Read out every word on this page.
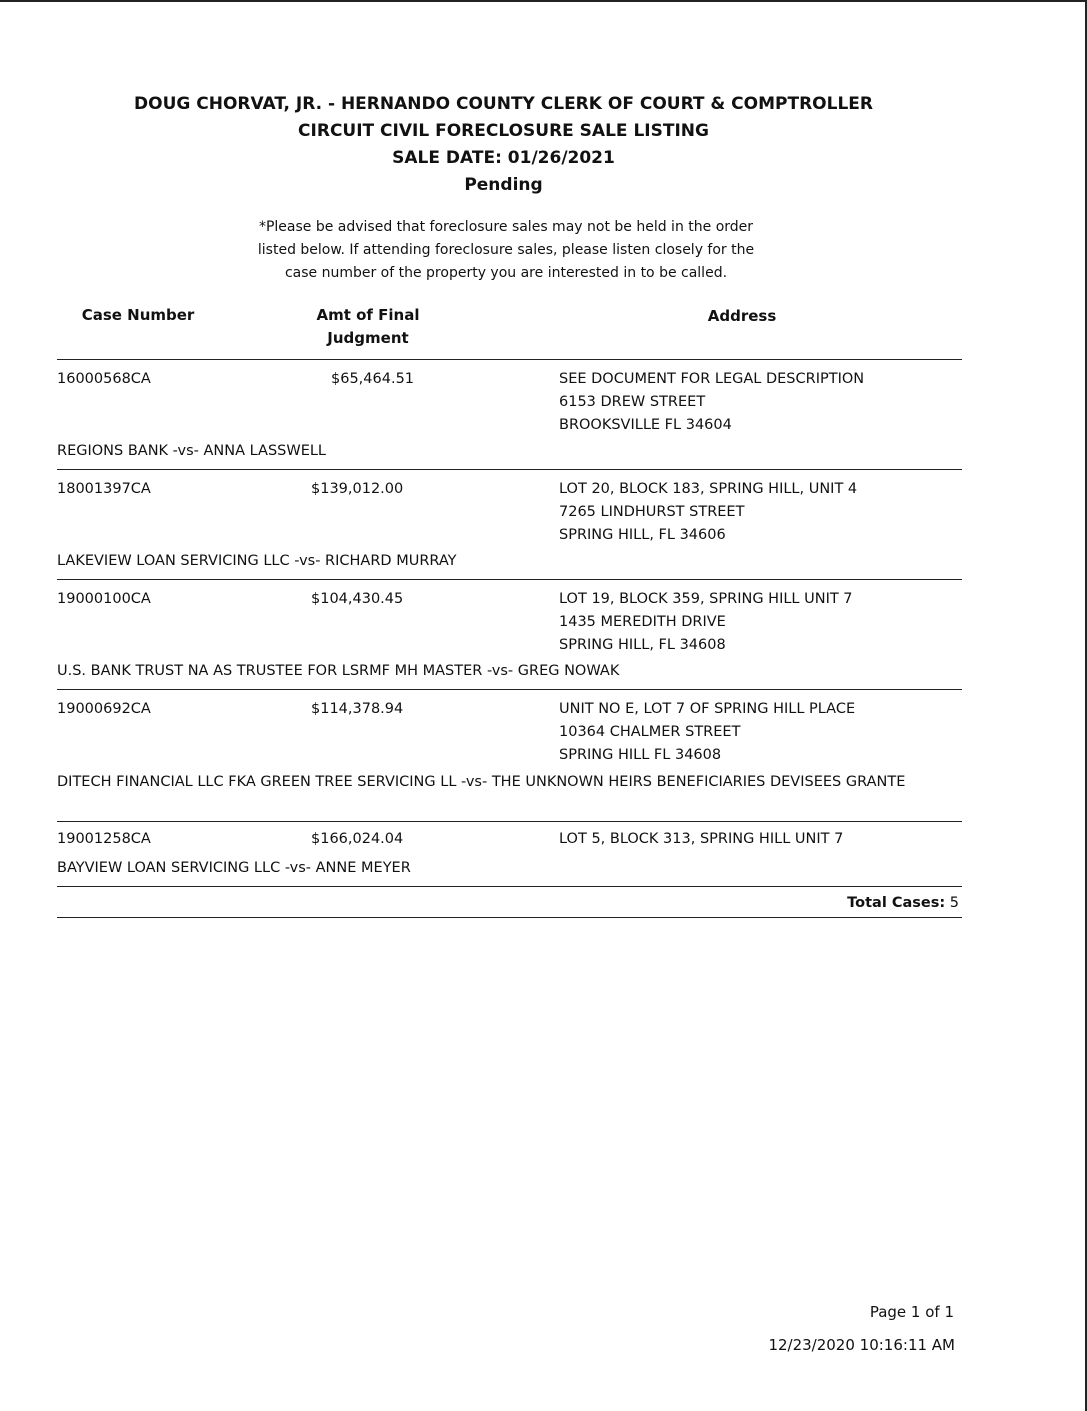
DOUG CHORVAT, JR. - HERNANDO COUNTY CLERK OF COURT & COMPTROLLER
CIRCUIT CIVIL FORECLOSURE SALE LISTING
SALE DATE: 01/26/2021
Pending
*Please be advised that foreclosure sales may not be held in the order
listed below. If attending foreclosure sales, please listen closely for the
case number of the property you are interested in to be called.
Case Number	Amt of Final
Judgment
Address
16000568CA	$65,464.51	SEE DOCUMENT FOR LEGAL DESCRIPTION
6153 DREW STREET
BROOKSVILLE FL 34604
REGIONS BANK -vs- ANNA LASSWELL
18001397CA	$139,012.00	LOT 20, BLOCK 183, SPRING HILL, UNIT 4
7265 LINDHURST STREET
SPRING HILL, FL 34606
LAKEVIEW LOAN SERVICING LLC -vs- RICHARD MURRAY
19000100CA	$104,430.45	LOT 19, BLOCK 359, SPRING HILL UNIT 7
1435 MEREDITH DRIVE
SPRING HILL, FL 34608
U.S. BANK TRUST NA AS TRUSTEE FOR LSRMF MH MASTER -vs- GREG NOWAK
19000692CA	$114,378.94	UNIT NO E, LOT 7 OF SPRING HILL PLACE
10364 CHALMER STREET
SPRING HILL FL 34608
DITECH FINANCIAL LLC FKA GREEN TREE SERVICING LL -vs- THE UNKNOWN HEIRS BENEFICIARIES DEVISEES GRANTE
19001258CA	$166,024.04	LOT 5, BLOCK 313, SPRING HILL UNIT 7
BAYVIEW LOAN SERVICING LLC -vs- ANNE MEYER
Total Cases: 5
Page 1 of 1
12/23/2020 10:16:11 AM
